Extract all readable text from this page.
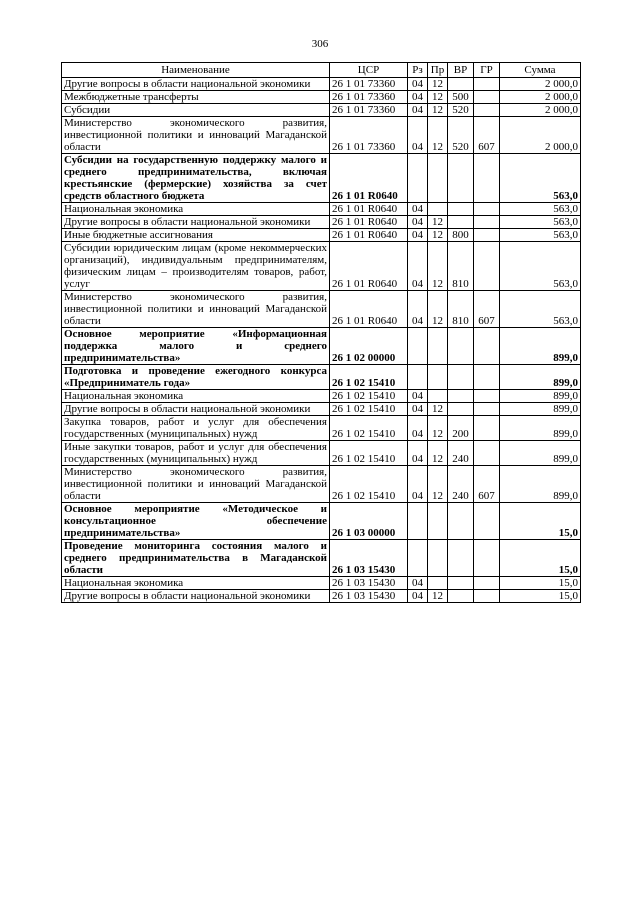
306
Наименование	ЦСР	Рз	Пр	ВР	ГР	Сумма
Другие вопросы в области национальной экономики	26 1 01 73360	04	12			2 000,0
Межбюджетные трансферты	26 1 01 73360	04	12	500		2 000,0
Субсидии	26 1 01 73360	04	12	520		2 000,0
Министерство экономического развития, инвестиционной политики и инноваций Магаданской области	26 1 01 73360	04	12	520	607	2 000,0
Субсидии на государственную поддержку малого и среднего предпринимательства, включая крестьянские (фермерские) хозяйства за счет средств областного бюджета	26 1 01 R0640					563,0
Национальная экономика	26 1 01 R0640	04				563,0
Другие вопросы в области национальной экономики	26 1 01 R0640	04	12			563,0
Иные бюджетные ассигнования	26 1 01 R0640	04	12	800		563,0
Субсидии юридическим лицам (кроме некоммерческих организаций), индивидуальным предпринимателям, физическим лицам – производителям товаров, работ, услуг	26 1 01 R0640	04	12	810		563,0
Министерство экономического развития, инвестиционной политики и инноваций Магаданской области	26 1 01 R0640	04	12	810	607	563,0
Основное мероприятие «Информационная поддержка малого и среднего предпринимательства»	26 1 02 00000					899,0
Подготовка и проведение ежегодного конкурса «Предприниматель года»	26 1 02 15410					899,0
Национальная экономика	26 1 02 15410	04				899,0
Другие вопросы в области национальной экономики	26 1 02 15410	04	12			899,0
Закупка товаров, работ и услуг для обеспечения государственных (муниципальных) нужд	26 1 02 15410	04	12	200		899,0
Иные закупки товаров, работ и услуг для обеспечения государственных (муниципальных) нужд	26 1 02 15410	04	12	240		899,0
Министерство экономического развития, инвестиционной политики и инноваций Магаданской области	26 1 02 15410	04	12	240	607	899,0
Основное мероприятие «Методическое и консультационное обеспечение предпринимательства»	26 1 03 00000					15,0
Проведение мониторинга состояния малого и среднего предпринимательства в Магаданской области	26 1 03 15430					15,0
Национальная экономика	26 1 03 15430	04				15,0
Другие вопросы в области национальной экономики	26 1 03 15430	04	12			15,0
